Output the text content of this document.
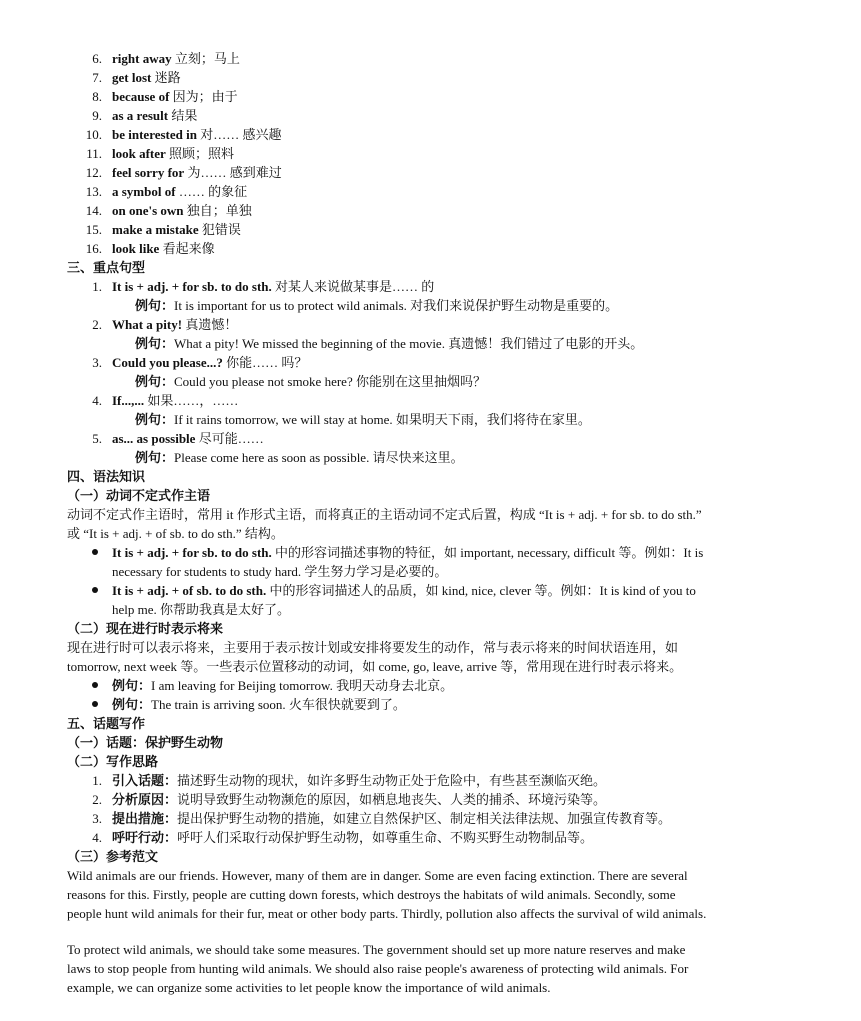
6. right away 立刻；马上
7. get lost 迷路
8. because of 因为；由于
9. as a result 结果
10. be interested in 对…… 感兴趣
11. look after 照顾；照料
12. feel sorry for 为…… 感到难过
13. a symbol of …… 的象征
14. on one's own 独自；单独
15. make a mistake 犯错误
16. look like 看起来像
三、重点句型
1. It is + adj. + for sb. to do sth. 对某人来说做某事是…… 的
例句：It is important for us to protect wild animals. 对我们来说保护野生动物是重要的。
2. What a pity! 真遗憾！
例句：What a pity! We missed the beginning of the movie. 真遗憾！我们错过了电影的开头。
3. Could you please...? 你能…… 吗？
例句：Could you please not smoke here? 你能别在这里抽烟吗？
4. If...,... 如果……，……
例句：If it rains tomorrow, we will stay at home. 如果明天下雨，我们将待在家里。
5. as... as possible 尽可能……
例句：Please come here as soon as possible. 请尽快来这里。
四、语法知识
（一）动词不定式作主语
动词不定式作主语时，常用 it 作形式主语，而将真正的主语动词不定式后置，构成 “It is + adj. + for sb. to do sth.”
或 “It is + adj. + of sb. to do sth.” 结构。
It is + adj. + for sb. to do sth. 中的形容词描述事物的特征，如 important, necessary, difficult 等。例如：It is
necessary for students to study hard. 学生努力学习是必要的。
It is + adj. + of sb. to do sth. 中的形容词描述人的品质，如 kind, nice, clever 等。例如：It is kind of you to
help me. 你帮助我真是太好了。
（二）现在进行时表示将来
现在进行时可以表示将来，主要用于表示按计划或安排将要发生的动作，常与表示将来的时间状语连用，如
tomorrow, next week 等。一些表示位置移动的动词，如 come, go, leave, arrive 等，常用现在进行时表示将来。
例句：I am leaving for Beijing tomorrow. 我明天动身去北京。
例句：The train is arriving soon. 火车很快就要到了。
五、话题写作
（一）话题：保护野生动物
（二）写作思路
1. 引入话题：描述野生动物的现状，如许多野生动物正处于危险中，有些甚至濒临灭绝。
2. 分析原因：说明导致野生动物濒危的原因，如栖息地丧失、人类的捕杀、环境污染等。
3. 提出措施：提出保护野生动物的措施，如建立自然保护区、制定相关法律法规、加强宣传教育等。
4. 呼吁行动：呼吁人们采取行动保护野生动物，如尊重生命、不购买野生动物制品等。
（三）参考范文
Wild animals are our friends. However, many of them are in danger. Some are even facing extinction. There are several
reasons for this. Firstly, people are cutting down forests, which destroys the habitats of wild animals. Secondly, some
people hunt wild animals for their fur, meat or other body parts. Thirdly, pollution also affects the survival of wild animals.
To protect wild animals, we should take some measures. The government should set up more nature reserves and make
laws to stop people from hunting wild animals. We should also raise people's awareness of protecting wild animals. For
example, we can organize some activities to let people know the importance of wild animals.
